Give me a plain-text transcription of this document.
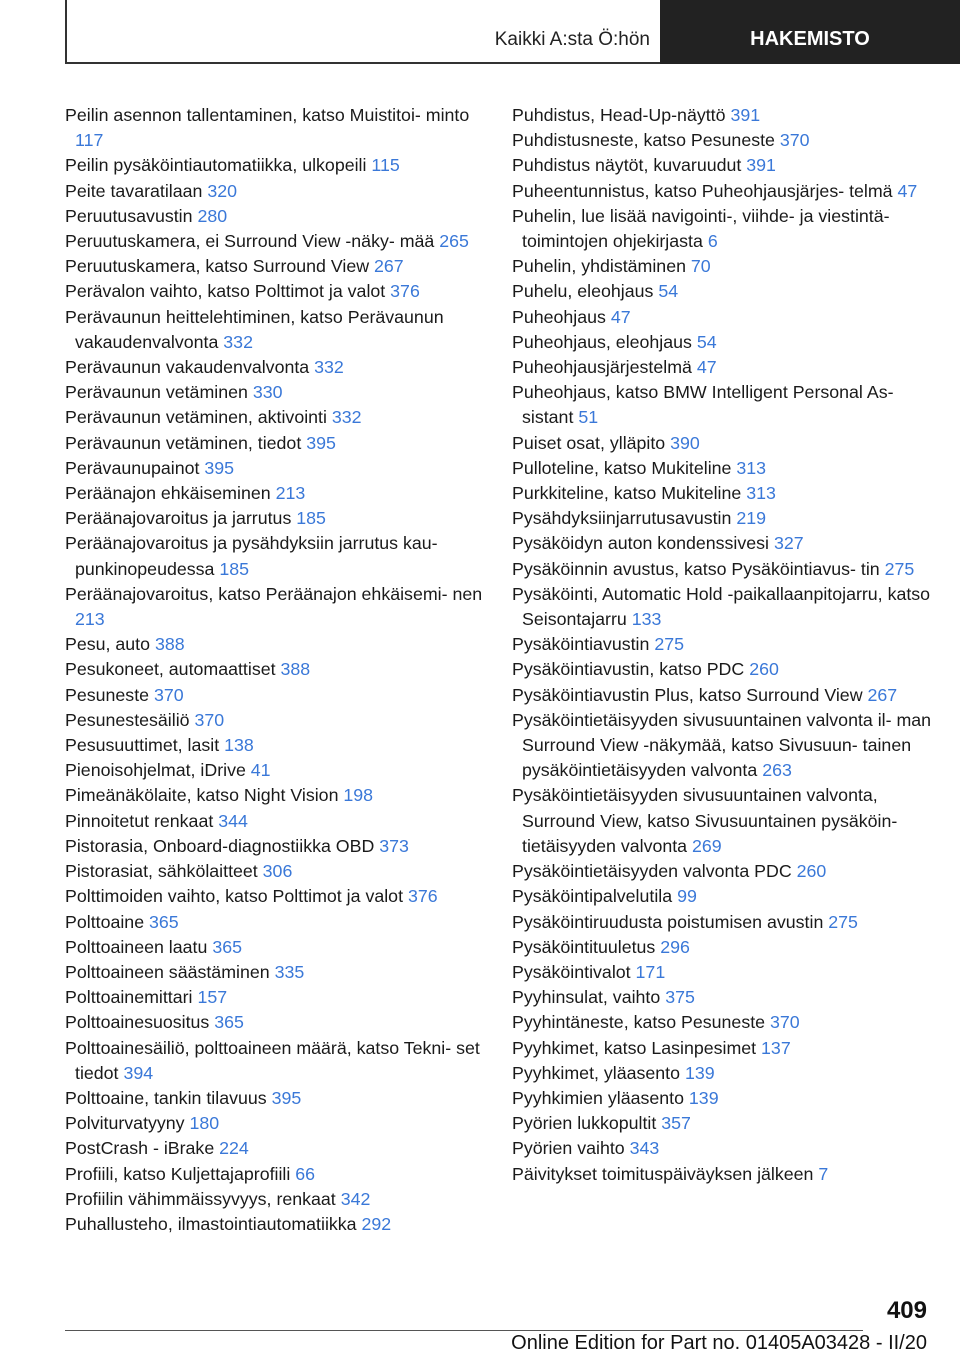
Kaikki A:sta Ö:hön	HAKEMISTO
Peilin asennon tallentaminen, katso Muistitoi- minto 117
Peilin pysäköintiautomatiikka, ulkopeili 115
Peite tavaratilaan 320
Peruutusavustin 280
Peruutuskamera, ei Surround View -näky- mää 265
Peruutuskamera, katso Surround View 267
Perävalon vaihto, katso Polttimot ja valot 376
Perävaunun heittelehtiminen, katso Perävaunun vakaudenvalvonta 332
Perävaunun vakaudenvalvonta 332
Perävaunun vetäminen 330
Perävaunun vetäminen, aktivointi 332
Perävaunun vetäminen, tiedot 395
Perävaunupainot 395
Peräänajon ehkäiseminen 213
Peräänajovaroitus ja jarrutus 185
Peräänajovaroitus ja pysähdyksiin jarrutus kau- punkinopeudessa 185
Peräänajovaroitus, katso Peräänajon ehkäisemi- nen 213
Pesu, auto 388
Pesukoneet, automaattiset 388
Pesuneste 370
Pesunestesäiliö 370
Pesusuuttimet, lasit 138
Pienoisohjelmat, iDrive 41
Pimeänäkölaite, katso Night Vision 198
Pinnoitetut renkaat 344
Pistorasia, Onboard-diagnostiikka OBD 373
Pistorasiat, sähkölaitteet 306
Polttimoiden vaihto, katso Polttimot ja valot 376
Polttoaine 365
Polttoaineen laatu 365
Polttoaineen säästäminen 335
Polttoainemittari 157
Polttoainesuositus 365
Polttoainesäiliö, polttoaineen määrä, katso Tekni- set tiedot 394
Polttoaine, tankin tilavuus 395
Polviturvatyyny 180
PostCrash - iBrake 224
Profiili, katso Kuljettajaprofiili 66
Profiilin vähimmäissyvyys, renkaat 342
Puhallusteho, ilmastointiautomatiikka 292
Puhdistus, Head-Up-näyttö 391
Puhdistusneste, katso Pesuneste 370
Puhdistus näytöt, kuvaruudut 391
Puheentunnistus, katso Puheohjausjärjes- telmä 47
Puhelin, lue lisää navigointi-, viihde- ja viestintä- toimintojen ohjekirjasta 6
Puhelin, yhdistäminen 70
Puhelu, eleohjaus 54
Puheohjaus 47
Puheohjaus, eleohjaus 54
Puheohjausjärjestelmä 47
Puheohjaus, katso BMW Intelligent Personal As- sistant 51
Puiset osat, ylläpito 390
Pulloteline, katso Mukiteline 313
Purkkiteline, katso Mukiteline 313
Pysähdyksiinjarrutusavustin 219
Pysäköidyn auton kondenssivesi 327
Pysäköinnin avustus, katso Pysäköintiavus- tin 275
Pysäköinti, Automatic Hold -paikallaanpitojarru, katso Seisontajarru 133
Pysäköintiavustin 275
Pysäköintiavustin, katso PDC 260
Pysäköintiavustin Plus, katso Surround View 267
Pysäköintietäisyyden sivusuuntainen valvonta il- man Surround View -näkymää, katso Sivusuun- tainen pysäköintietäisyyden valvonta 263
Pysäköintietäisyyden sivusuuntainen valvonta, Surround View, katso Sivusuuntainen pysäköin- tietäisyyden valvonta 269
Pysäköintietäisyyden valvonta PDC 260
Pysäköintipalvelutila 99
Pysäköintiruudusta poistumisen avustin 275
Pysäköintituuletus 296
Pysäköintivalot 171
Pyyhinsulat, vaihto 375
Pyyhintäneste, katso Pesuneste 370
Pyyhkimet, katso Lasinpesimet 137
Pyyhkimet, yläasento 139
Pyyhkimien yläasento 139
Pyörien lukkopultit 357
Pyörien vaihto 343
Päivitykset toimituspäiväyksen jälkeen 7
409
Online Edition for Part no. 01405A03428 - II/20
